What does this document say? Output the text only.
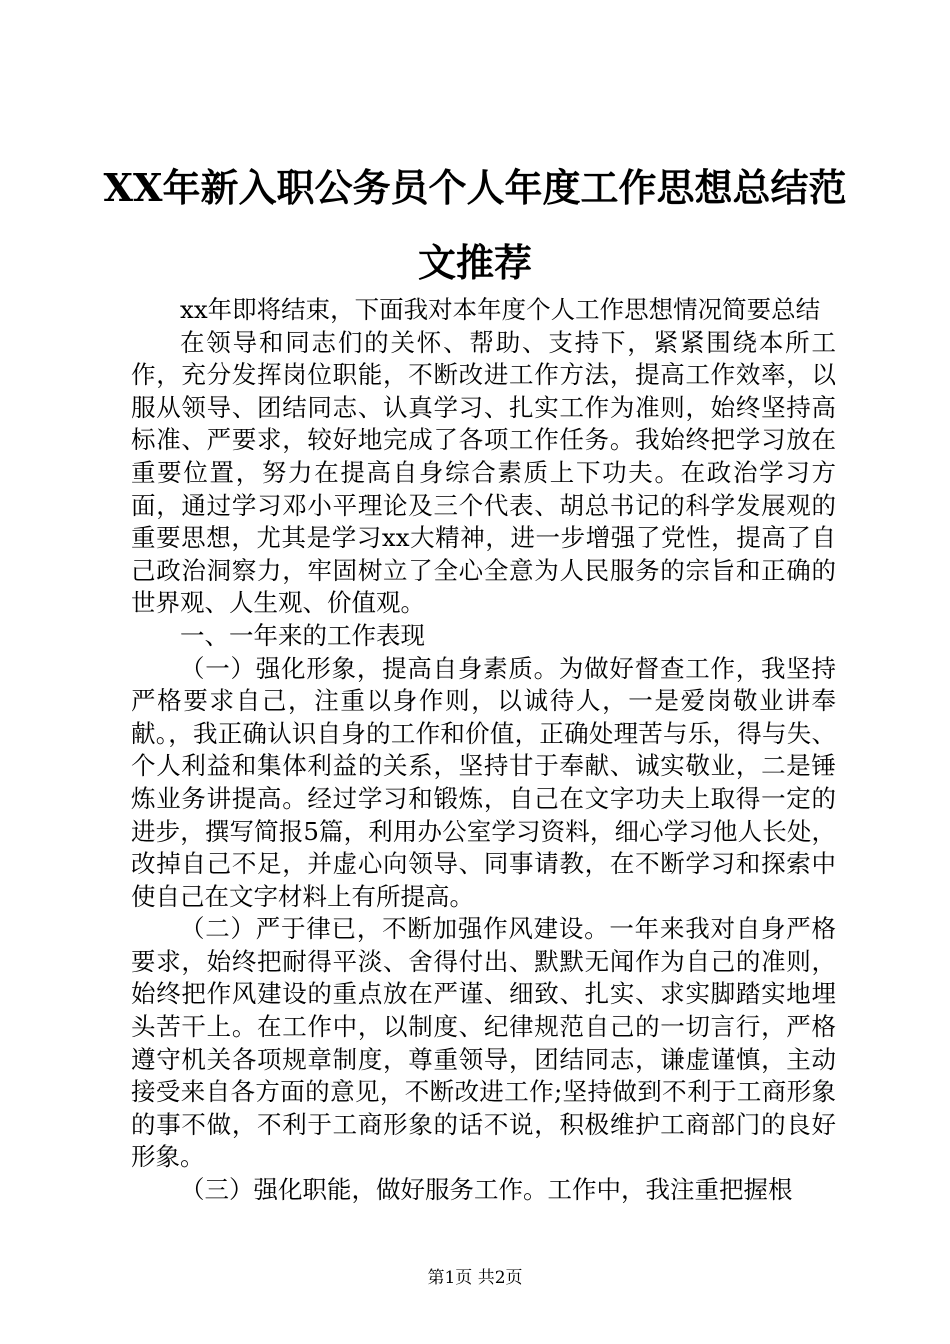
XX年新入职公务员个人年度工作思想总结范
文推荐

xx年即将结束，下面我对本年度个人工作思想情况简要总结

在领导和同志们的关怀、帮助、支持下，紧紧围绕本所工作，充分发挥岗位职能，不断改进工作方法，提高工作效率，以服从领导、团结同志、认真学习、扎实工作为准则，始终坚持高标准、严要求，较好地完成了各项工作任务。我始终把学习放在重要位置，努力在提高自身综合素质上下功夫。在政治学习方面，通过学习邓小平理论及三个代表、胡总书记的科学发展观的重要思想，尤其是学习xx大精神，进一步增强了党性，提高了自己政治洞察力，牢固树立了全心全意为人民服务的宗旨和正确的世界观、人生观、价值观。

一、一年来的工作表现

（一）强化形象，提高自身素质。为做好督查工作，我坚持严格要求自己，注重以身作则，以诚待人，一是爱岗敬业讲奉献。，我正确认识自身的工作和价值，正确处理苦与乐，得与失、个人利益和集体利益的关系，坚持甘于奉献、诚实敬业，二是锤炼业务讲提高。经过学习和锻炼，自己在文字功夫上取得一定的进步，撰写简报5篇，利用办公室学习资料，细心学习他人长处，改掉自己不足，并虚心向领导、同事请教，在不断学习和探索中使自己在文字材料上有所提高。

（二）严于律已，不断加强作风建设。一年来我对自身严格要求，始终把耐得平淡、舍得付出、默默无闻作为自己的准则，始终把作风建设的重点放在严谨、细致、扎实、求实脚踏实地埋头苦干上。在工作中，以制度、纪律规范自己的一切言行，严格遵守机关各项规章制度，尊重领导，团结同志，谦虚谨慎，主动接受来自各方面的意见，不断改进工作;坚持做到不利于工商形象的事不做，不利于工商形象的话不说，积极维护工商部门的良好形象。

（三）强化职能，做好服务工作。工作中，我注重把握根

第1页 共2页
